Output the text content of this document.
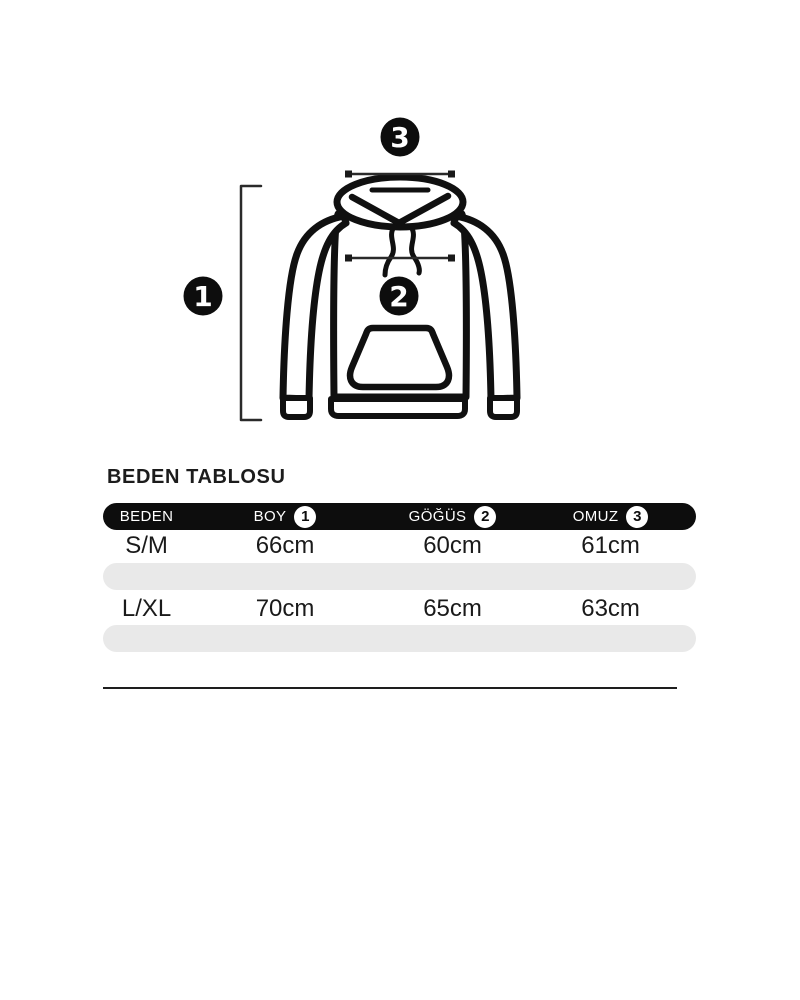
1	2
3
BEDEN TABLOSU
BEDEN	BOY 1	GÖĞÜS 2	OMUZ 3
S/M	66cm	60cm	61cm
L/XL	70cm	65cm	63cm
